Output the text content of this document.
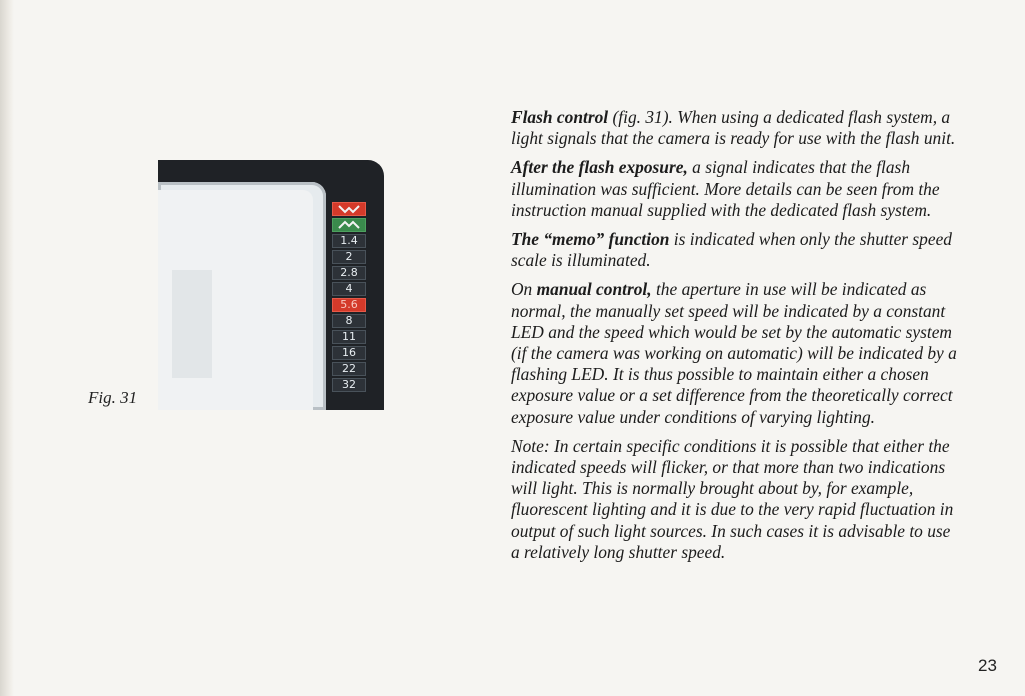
1.4
2
2.8
4
5.6
8
11
16
22
32
Fig. 31

Flash control (fig. 31). When using a dedicated flash system, a light signals that the camera is ready for use with the flash unit.

After the flash exposure, a signal indicates that the flash illumination was sufficient. More details can be seen from the instruction manual supplied with the dedicated flash system.

The “memo” function is indicated when only the shutter speed scale is illuminated.

On manual control, the aperture in use will be indicated as normal, the manually set speed will be indicated by a constant LED and the speed which would be set by the automatic system (if the camera was working on automatic) will be indicated by a flashing LED. It is thus possible to maintain either a chosen exposure value or a set difference from the theoretically correct exposure value under conditions of varying lighting.

Note: In certain specific conditions it is possible that either the indicated speeds will flicker, or that more than two indications will light. This is normally brought about by, for example, fluorescent lighting and it is due to the very rapid fluctuation in output of such light sources. In such cases it is advisable to use a relatively long shutter speed.

23
